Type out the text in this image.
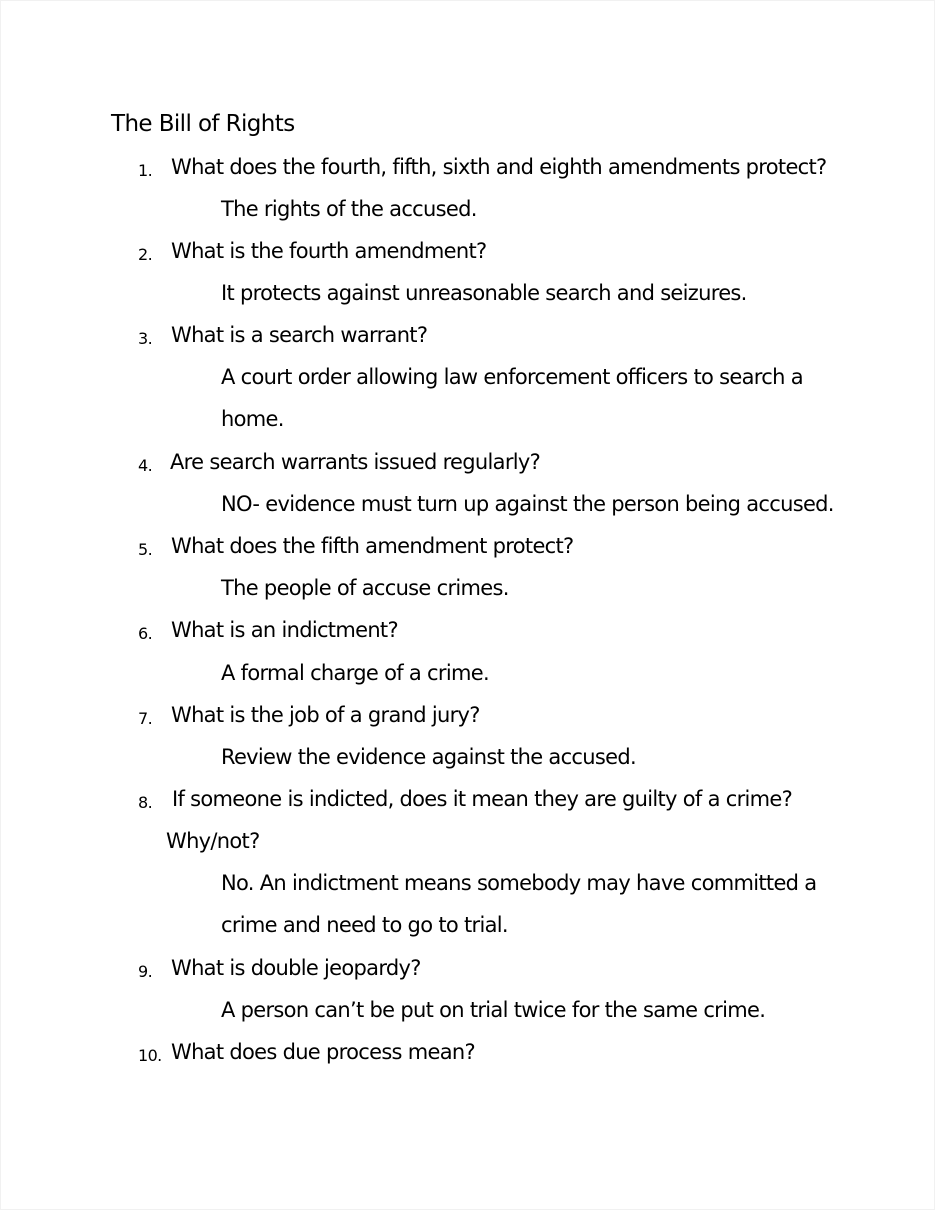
The Bill of Rights
1. What does the fourth, fifth, sixth and eighth amendments protect?
The rights of the accused.
2. What is the fourth amendment?
It protects against unreasonable search and seizures.
3. What is a search warrant?
A court order allowing law enforcement officers to search a
home.
4. Are search warrants issued regularly?
NO- evidence must turn up against the person being accused.
5. What does the fifth amendment protect?
The people of accuse crimes.
6. What is an indictment?
A formal charge of a crime.
7. What is the job of a grand jury?
Review the evidence against the accused.
8. If someone is indicted, does it mean they are guilty of a crime?
Why/not?
No. An indictment means somebody may have committed a
crime and need to go to trial.
9. What is double jeopardy?
A person can’t be put on trial twice for the same crime.
10. What does due process mean?
